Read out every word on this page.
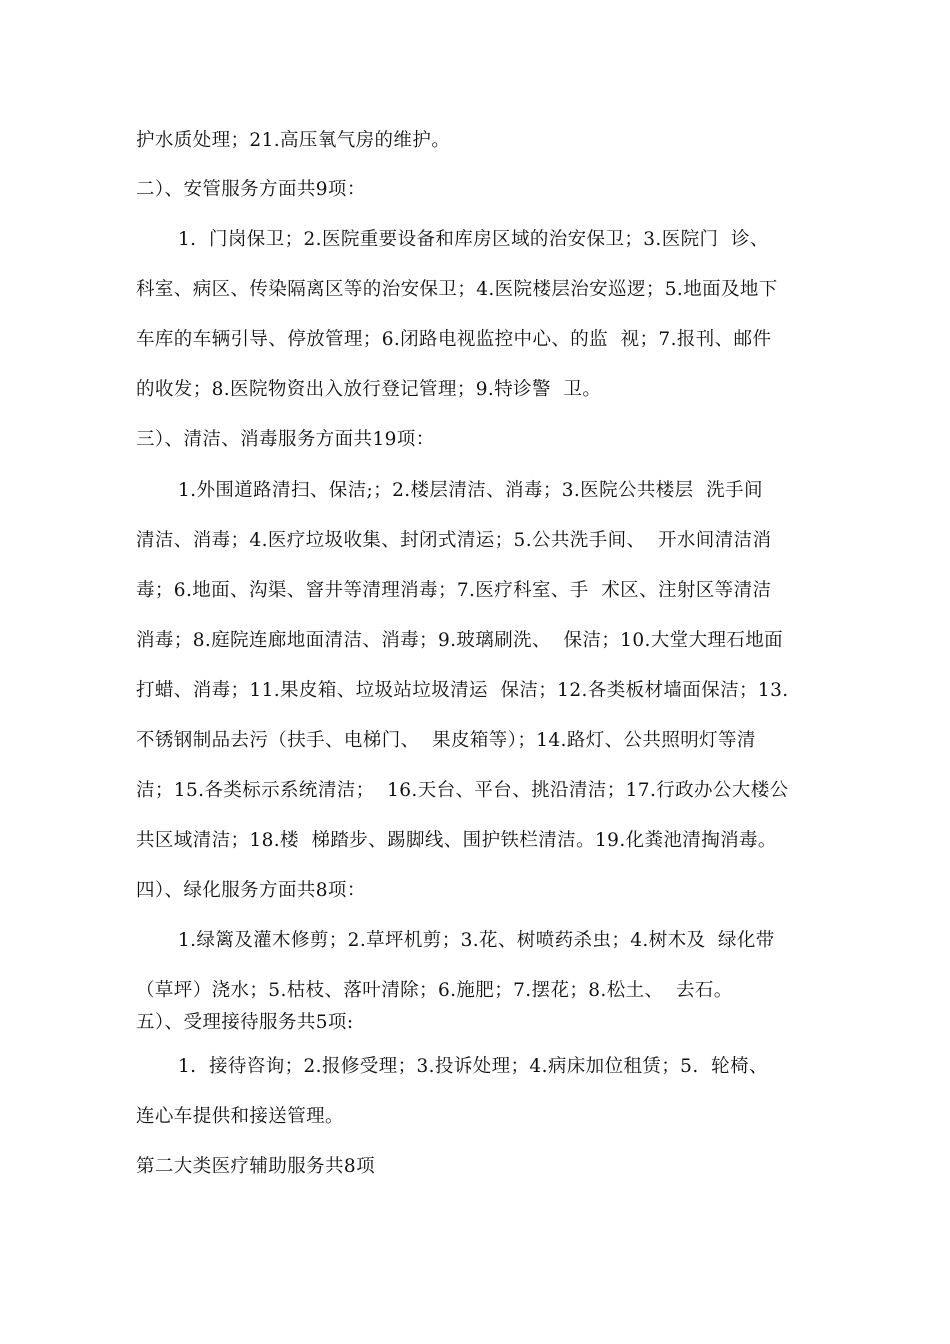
护水质处理；21.高压氧气房的维护。
二）、安管服务方面共9项：
1.  门岗保卫；2.医院重要设备和库房区域的治安保卫；3.医院门  诊、
科室、病区、传染隔离区等的治安保卫；4.医院楼层治安巡逻；5.地面及地下
车库的车辆引导、停放管理；6.闭路电视监控中心、的监  视；7.报刊、邮件
的收发；8.医院物资出入放行登记管理；9.特诊警  卫。
三）、清洁、消毒服务方面共19项：
1.外围道路清扫、保洁;；2.楼层清洁、消毒；3.医院公共楼层  洗手间
清洁、消毒；4.医疗垃圾收集、封闭式清运；5.公共洗手间、  开水间清洁消
毒；6.地面、沟渠、窨井等清理消毒；7.医疗科室、手  术区、注射区等清洁
消毒；8.庭院连廊地面清洁、消毒；9.玻璃刷洗、  保洁；10.大堂大理石地面
打蜡、消毒；11.果皮箱、垃圾站垃圾清运  保洁；12.各类板材墙面保洁；13.
不锈钢制品去污（扶手、电梯门、  果皮箱等）；14.路灯、公共照明灯等清
洁；15.各类标示系统清洁；  16.天台、平台、挑沿清洁；17.行政办公大楼公
共区域清洁；18.楼  梯踏步、踢脚线、围护铁栏清洁。19.化粪池清掏消毒。
四）、绿化服务方面共8项：
1.绿篱及灌木修剪；2.草坪机剪；3.花、树喷药杀虫；4.树木及  绿化带
（草坪）浇水；5.枯枝、落叶清除；6.施肥；7.摆花；8.松土、  去石。
五）、受理接待服务共5项:
1.  接待咨询；2.报修受理；3.投诉处理；4.病床加位租赁；5.  轮椅、
连心车提供和接送管理。
第二大类医疗辅助服务共8项
